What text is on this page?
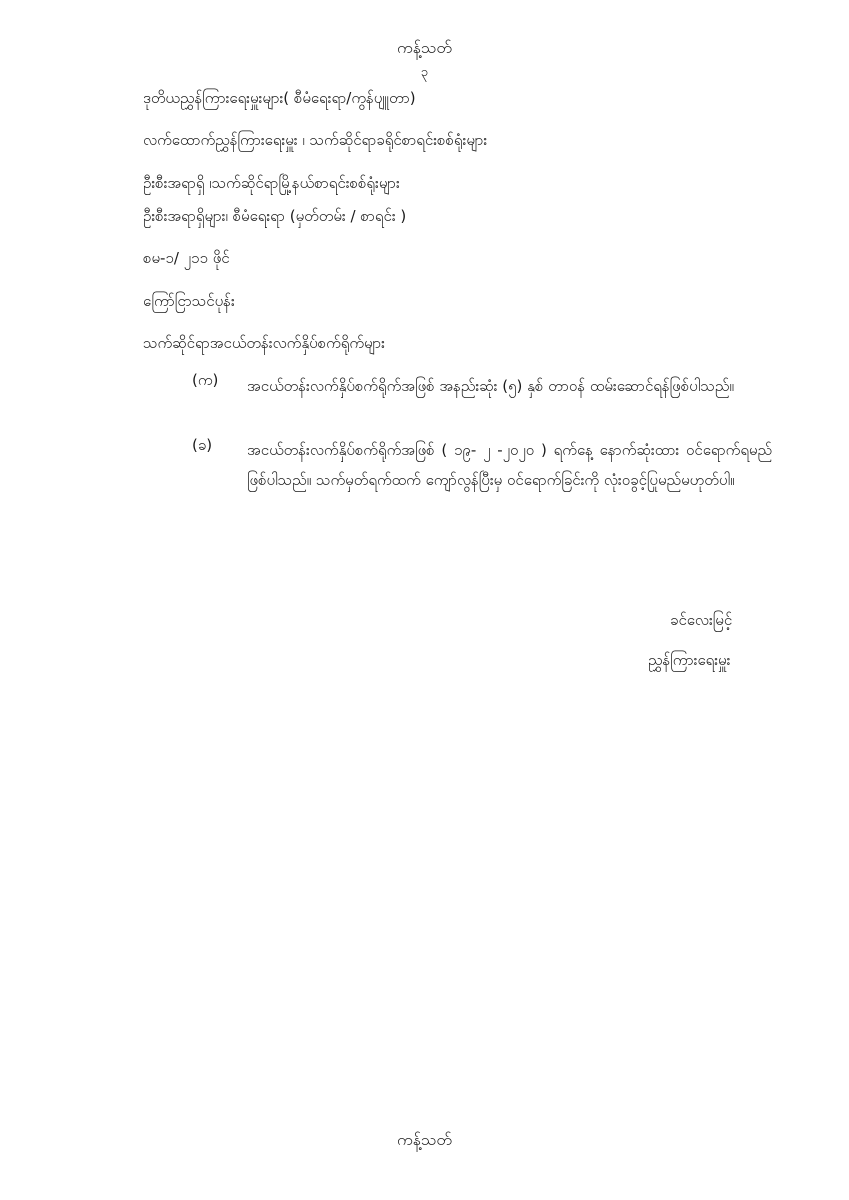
ကန့်သတ်
၃
ဒုတိယညွှန်ကြားရေးမှူးများ( စီမံရေးရာ/ကွန်ပျူတာ)
လက်ထောက်ညွှန်ကြားရေးမှူး ၊ သက်ဆိုင်ရာခရိုင်စာရင်းစစ်ရုံးများ
ဦးစီးအရာရှိ ၊သက်ဆိုင်ရာမြို့နယ်စာရင်းစစ်ရုံးများ
ဦးစီးအရာရှိများ၊ စီမံရေးရာ (မှတ်တမ်း / စာရင်း )
စမ-၁/ ၂၁၁ ဖိုင်
ကြော်ငြာသင်ပုန်း
သက်ဆိုင်ရာအငယ်တန်းလက်နှိပ်စက်ရိုက်များ
(က)	အငယ်တန်းလက်နှိပ်စက်ရိုက်အဖြစ် အနည်းဆုံး (၅) နှစ် တာဝန် ထမ်းဆောင်ရန်ဖြစ်ပါသည်။
(ခ)	အငယ်တန်းလက်နှိပ်စက်ရိုက်အဖြစ် ( ၁၉- ၂ -၂၀၂၀ ) ရက်နေ့ နောက်ဆုံးထား ဝင်ရောက်ရမည် ဖြစ်ပါသည်။ သက်မှတ်ရက်ထက် ကျော်လွန်ပြီးမှ ဝင်ရောက်ခြင်းကို လုံးဝခွင့်ပြုမည်မဟုတ်ပါ။
ခင်လေးမြင့်
ညွှန်ကြားရေးမှူး
ကန့်သတ်
